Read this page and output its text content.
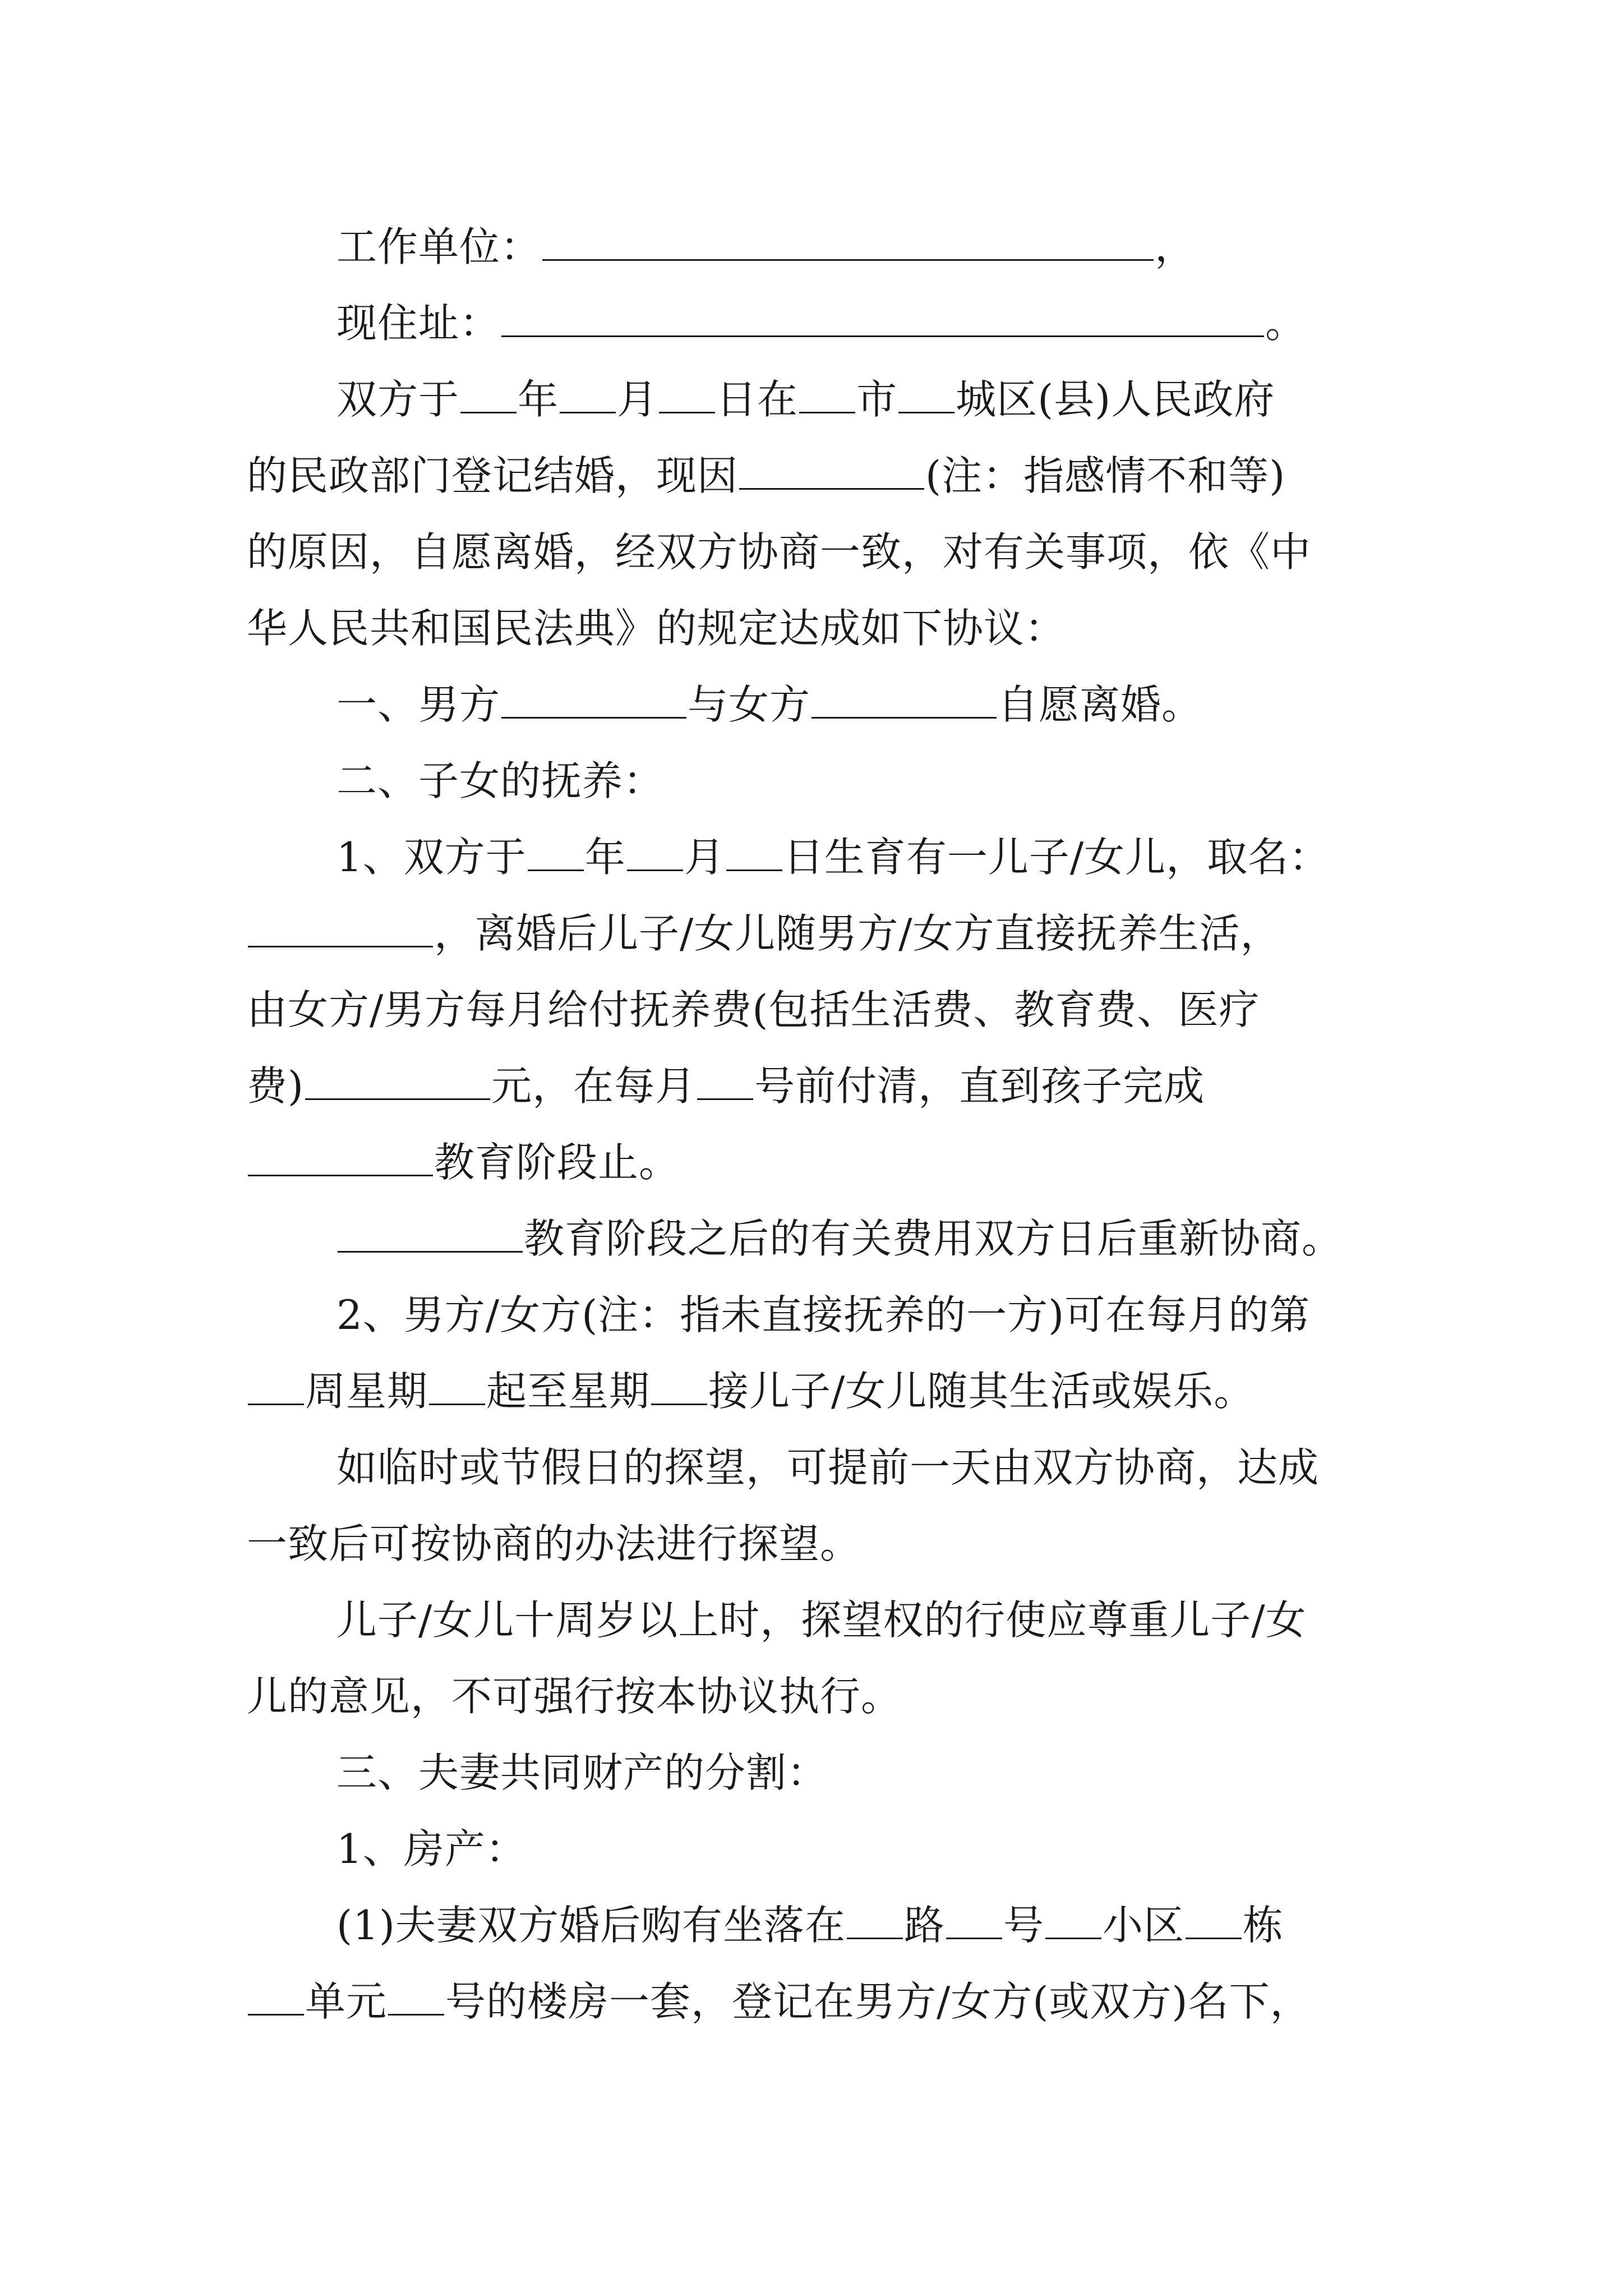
工作单位：	，
现住址：	。
双方于 年 月 日在 市 城区(县)人民政府
的民政部门登记结婚，现因	(注：指感情不和等)
的原因，自愿离婚，经双方协商一致，对有关事项，依《中
华人民共和国民法典》的规定达成如下协议：
一、男方	与女方	自愿离婚。
二、子女的抚养：
1、双方于 年 月 日生育有一儿子/女儿，取名：
，离婚后儿子/女儿随男方/女方直接抚养生活，
由女方/男方每月给付抚养费(包括生活费、教育费、医疗
费)	元，在每月 号前付清，直到孩子完成
教育阶段止。
教育阶段之后的有关费用双方日后重新协商。
2、男方/女方(注：指未直接抚养的一方)可在每月的第
周星期 起至星期 接儿子/女儿随其生活或娱乐。
如临时或节假日的探望，可提前一天由双方协商，达成
一致后可按协商的办法进行探望。
儿子/女儿十周岁以上时，探望权的行使应尊重儿子/女
儿的意见，不可强行按本协议执行。
三、夫妻共同财产的分割：
1、房产：
(1)夫妻双方婚后购有坐落在 路 号 小区 栋
单元 号的楼房一套，登记在男方/女方(或双方)名下，
